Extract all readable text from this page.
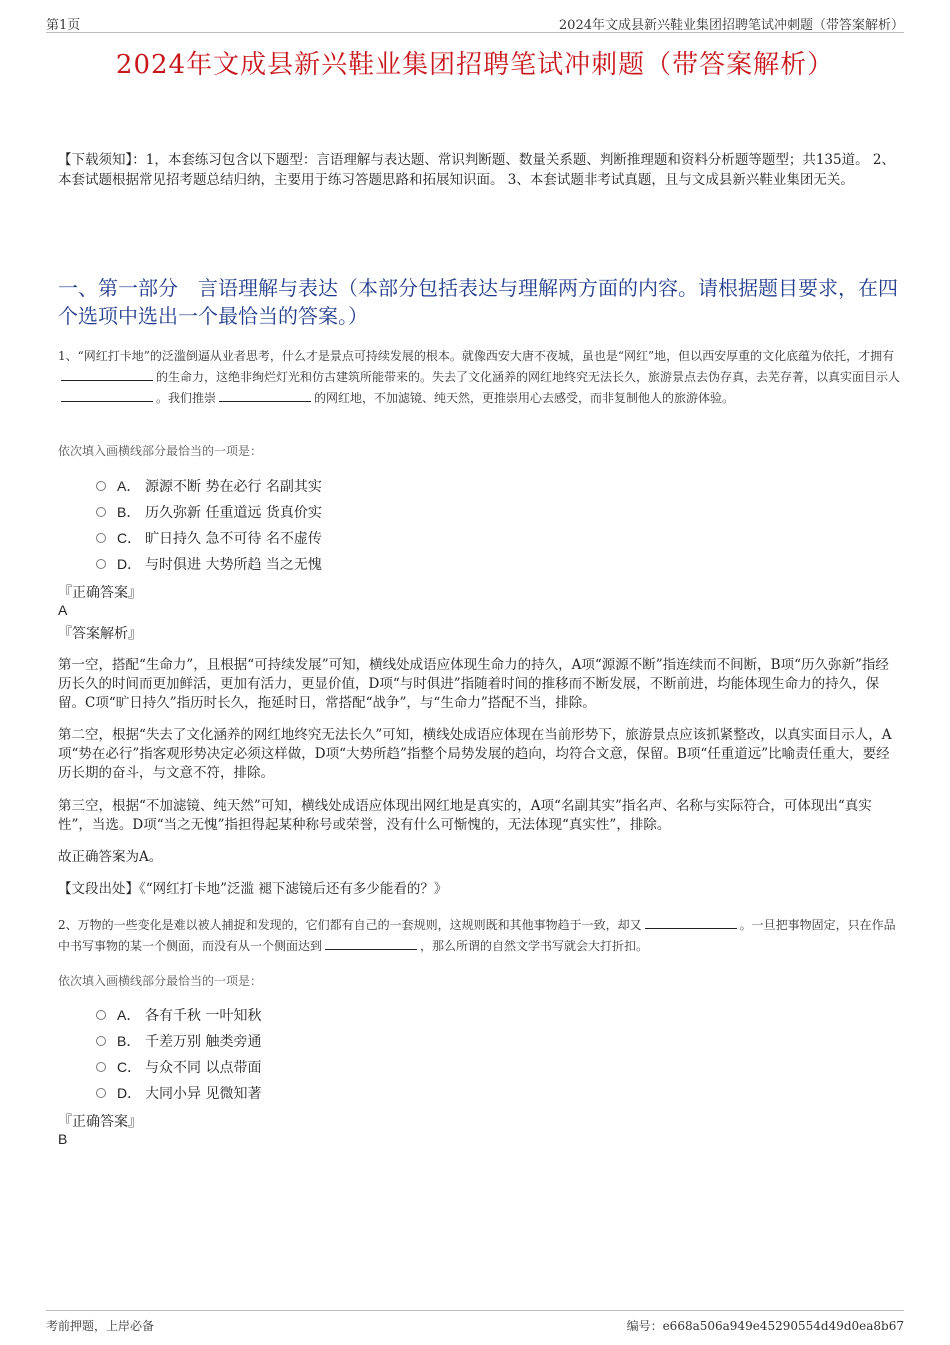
第1页	2024年文成县新兴鞋业集团招聘笔试冲刺题（带答案解析）
2024年文成县新兴鞋业集团招聘笔试冲刺题（带答案解析）
【下载须知】：1，本套练习包含以下题型：言语理解与表达题、常识判断题、数量关系题、判断推理题和资料分析题等题型；共135道。 2、本套试题根据常见招考题总结归纳，主要用于练习答题思路和拓展知识面。 3、本套试题非考试真题，且与文成县新兴鞋业集团无关。
一、第一部分　言语理解与表达（本部分包括表达与理解两方面的内容。请根据题目要求，在四个选项中选出一个最恰当的答案。）
1、“网红打卡地”的泛滥倒逼从业者思考，什么才是景点可持续发展的根本。就像西安大唐不夜城，虽也是“网红”地，但以西安厚重的文化底蕴为依托，才拥有的生命力，这绝非绚烂灯光和仿古建筑所能带来的。失去了文化涵养的网红地终究无法长久，旅游景点去伪存真，去芜存菁，以真实面目示人。我们推崇	的网红地，不加滤镜、纯天然，更推崇用心去感受，而非复制他人的旅游体验。
依次填入画横线部分最恰当的一项是：
A． 源源不断 势在必行 名副其实
B． 历久弥新 任重道远 货真价实
C． 旷日持久 急不可待 名不虚传
D． 与时俱进 大势所趋 当之无愧
『正确答案』
A
『答案解析』
第一空，搭配“生命力”，且根据“可持续发展”可知，横线处成语应体现生命力的持久，A项“源源不断”指连续而不间断，B项“历久弥新”指经历长久的时间而更加鲜活，更加有活力，更显价值，D项“与时俱进”指随着时间的推移而不断发展，不断前进，均能体现生命力的持久，保留。C项“旷日持久”指历时长久，拖延时日，常搭配“战争”，与“生命力”搭配不当，排除。
第二空，根据“失去了文化涵养的网红地终究无法长久”可知，横线处成语应体现在当前形势下，旅游景点应该抓紧整改，以真实面目示人，A项“势在必行”指客观形势决定必须这样做，D项“大势所趋”指整个局势发展的趋向，均符合文意，保留。B项“任重道远”比喻责任重大，要经历长期的奋斗，与文意不符，排除。
第三空，根据“不加滤镜、纯天然”可知，横线处成语应体现出网红地是真实的，A项“名副其实”指名声、名称与实际符合，可体现出“真实性”，当选。D项“当之无愧”指担得起某种称号或荣誉，没有什么可惭愧的，无法体现“真实性”，排除。
故正确答案为A。
【文段出处】《“网红打卡地”泛滥 褪下滤镜后还有多少能看的？》
2、万物的一些变化是难以被人捕捉和发现的，它们都有自己的一套规则，这规则既和其他事物趋于一致，却又	。一旦把事物固定，只在作品中书写事物的某一个侧面，而没有从一个侧面达到	，那么所谓的自然文学书写就会大打折扣。
依次填入画横线部分最恰当的一项是：
A． 各有千秋 一叶知秋
B． 千差万别 触类旁通
C． 与众不同 以点带面
D． 大同小异 见微知著
『正确答案』
B
考前押题，上岸必备	编号：e668a506a949e45290554d49d0ea8b67
